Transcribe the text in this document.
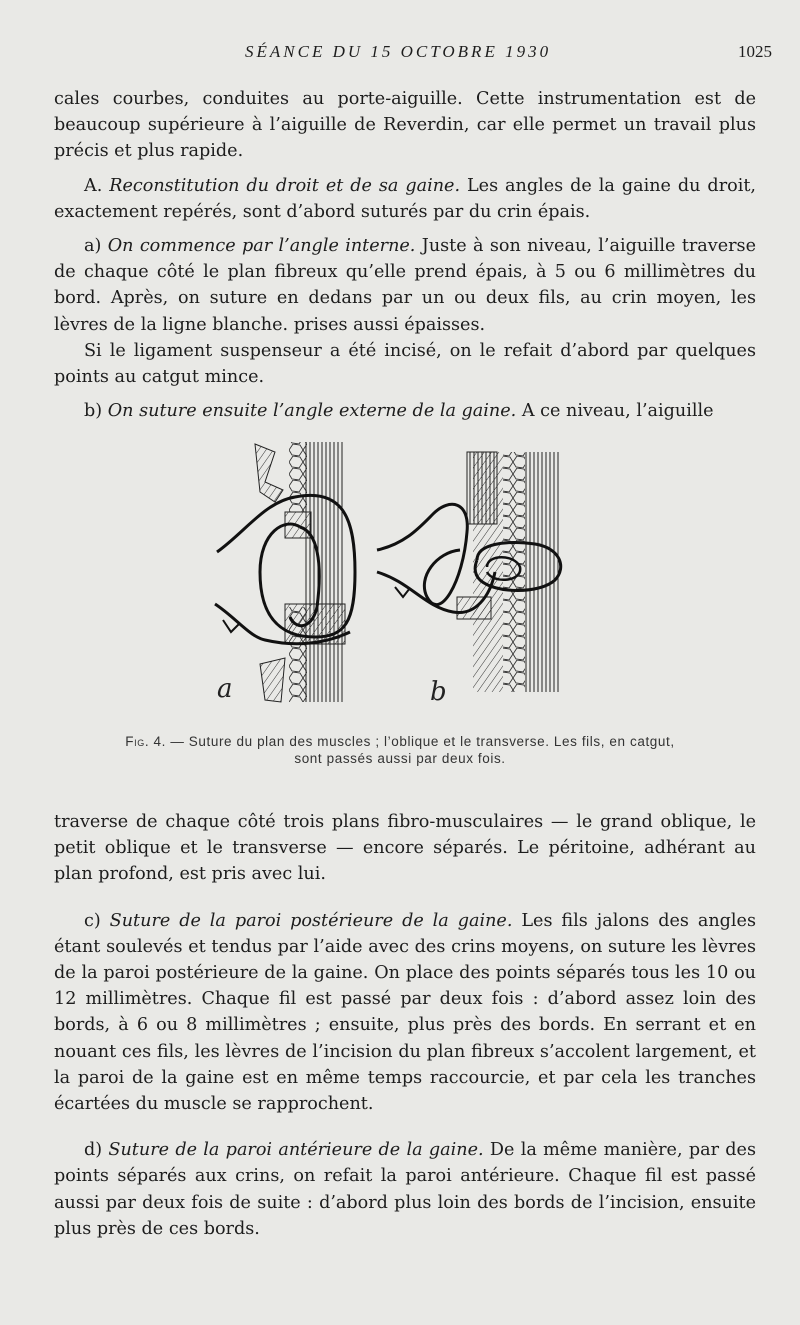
SÉANCE DU 15 OCTOBRE 1930	1025

cales courbes, conduites au porte-aiguille. Cette instrumentation est de beaucoup supérieure à l’aiguille de Reverdin, car elle permet un travail plus précis et plus rapide.

A. Reconstitution du droit et de sa gaine. Les angles de la gaine du droit, exactement repérés, sont d’abord suturés par du crin épais.

a) On commence par l’angle interne. Juste à son niveau, l’aiguille traverse de chaque côté le plan fibreux qu’elle prend épais, à 5 ou 6 millimètres du bord. Après, on suture en dedans par un ou deux fils, au crin moyen, les lèvres de la ligne blanche. prises aussi épaisses.

Si le ligament suspenseur a été incisé, on le refait d’abord par quelques points au catgut mince.

b) On suture ensuite l’angle externe de la gaine. A ce niveau, l’aiguille

a	b
Fig. 4. — Suture du plan des muscles ; l’oblique et le transverse. Les fils, en catgut, sont passés aussi par deux fois.

traverse de chaque côté trois plans fibro-musculaires — le grand oblique, le petit oblique et le transverse — encore séparés. Le péritoine, adhérant au plan profond, est pris avec lui.

c) Suture de la paroi postérieure de la gaine. Les fils jalons des angles étant soulevés et tendus par l’aide avec des crins moyens, on suture les lèvres de la paroi postérieure de la gaine. On place des points séparés tous les 10 ou 12 millimètres. Chaque fil est passé par deux fois : d’abord assez loin des bords, à 6 ou 8 millimètres ; ensuite, plus près des bords. En serrant et en nouant ces fils, les lèvres de l’incision du plan fibreux s’accolent largement, et la paroi de la gaine est en même temps raccourcie, et par cela les tranches écartées du muscle se rapprochent.

d) Suture de la paroi antérieure de la gaine. De la même manière, par des points séparés aux crins, on refait la paroi antérieure. Chaque fil est passé aussi par deux fois de suite : d’abord plus loin des bords de l’incision, ensuite plus près de ces bords.
